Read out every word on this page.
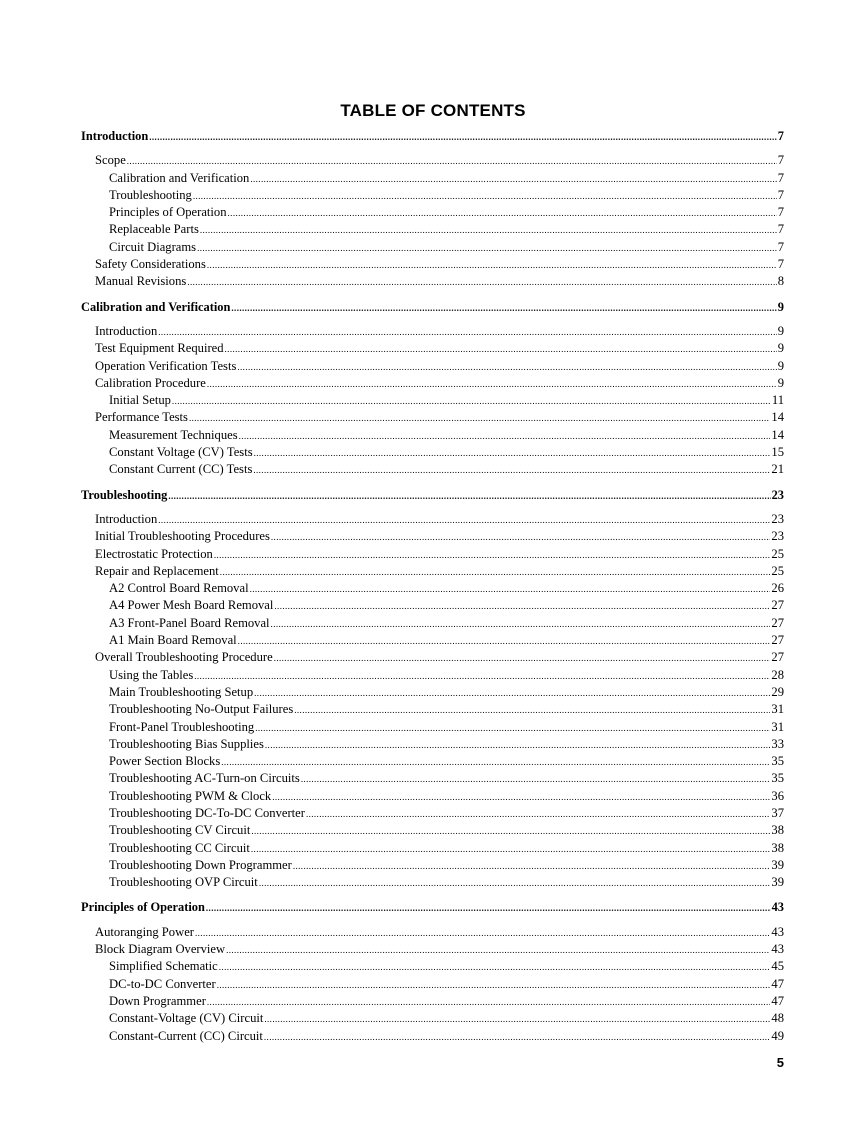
TABLE OF CONTENTS
Introduction .....	7
Scope .....	7
Calibration and Verification .....	7
Troubleshooting .....	7
Principles of Operation .....	7
Replaceable Parts .....	7
Circuit Diagrams .....	7
Safety Considerations .....	7
Manual Revisions .....	8
Calibration and Verification .....	9
Introduction .....	9
Test Equipment Required .....	9
Operation Verification Tests .....	9
Calibration Procedure .....	9
Initial Setup .....	11
Performance Tests .....	14
Measurement Techniques .....	14
Constant Voltage (CV) Tests .....	15
Constant Current (CC) Tests .....	21
Troubleshooting .....	23
Introduction .....	23
Initial Troubleshooting Procedures .....	23
Electrostatic Protection .....	25
Repair and Replacement .....	25
A2 Control Board Removal .....	26
A4 Power Mesh Board Removal .....	27
A3 Front-Panel Board Removal .....	27
A1 Main Board Removal .....	27
Overall Troubleshooting Procedure .....	27
Using the Tables .....	28
Main Troubleshooting Setup .....	29
Troubleshooting No-Output Failures .....	31
Front-Panel Troubleshooting .....	31
Troubleshooting Bias Supplies .....	33
Power Section Blocks .....	35
Troubleshooting AC-Turn-on Circuits .....	35
Troubleshooting PWM & Clock .....	36
Troubleshooting DC-To-DC Converter .....	37
Troubleshooting CV Circuit .....	38
Troubleshooting CC Circuit .....	38
Troubleshooting Down Programmer .....	39
Troubleshooting OVP Circuit .....	39
Principles of Operation .....	43
Autoranging Power .....	43
Block Diagram Overview .....	43
Simplified Schematic .....	45
DC-to-DC Converter .....	47
Down Programmer .....	47
Constant-Voltage (CV) Circuit .....	48
Constant-Current (CC) Circuit .....	49
5
